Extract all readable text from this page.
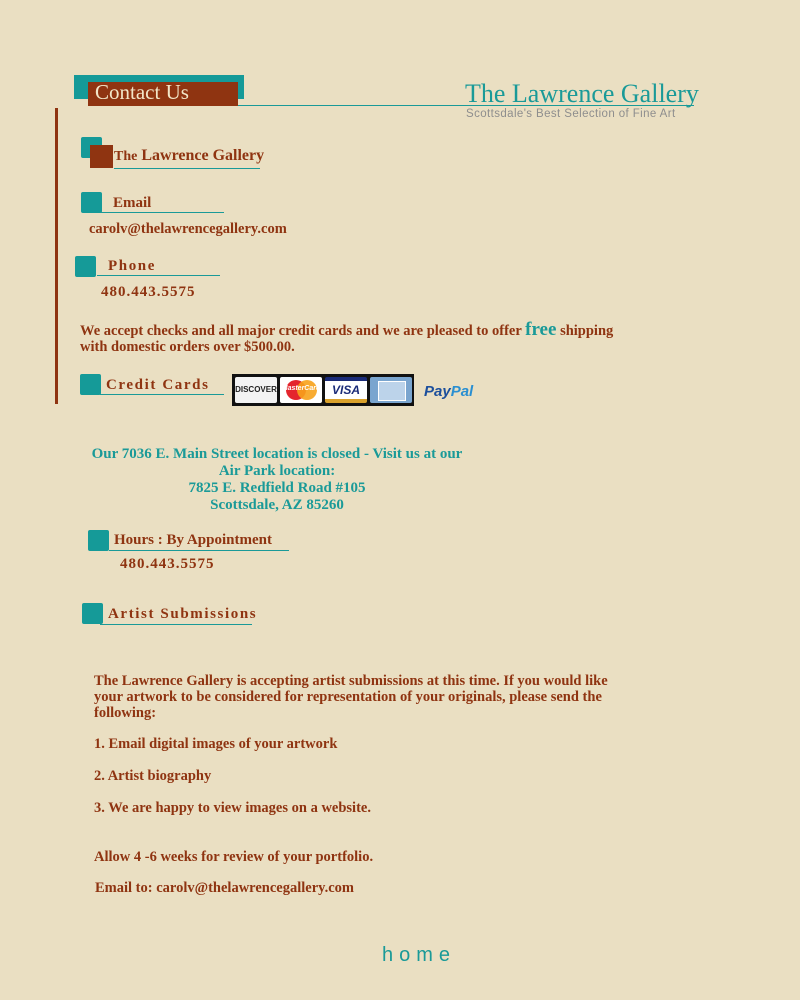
Contact Us	The Lawrence Gallery
Scottsdale's Best Selection of Fine Art
The Lawrence Gallery
Email
carolv@thelawrencegallery.com
Phone
480.443.5575
We accept checks and all major credit cards and we are pleased to offer free shipping
with domestic orders over $500.00.
Credit Cards	DISCOVER MasterCard VISA	PayPal
Our 7036 E. Main Street location is closed - Visit us at our
Air Park location:
7825 E. Redfield Road #105
Scottsdale, AZ 85260
Hours : By Appointment
480.443.5575
Artist Submissions
The Lawrence Gallery is accepting artist submissions at this time. If you would like
your artwork to be considered for representation of your originals, please send the
following:
1. Email digital images of your artwork
2. Artist biography
3. We are happy to view images on a website.
Allow 4 -6 weeks for review of your portfolio.
Email to: carolv@thelawrencegallery.com
home
